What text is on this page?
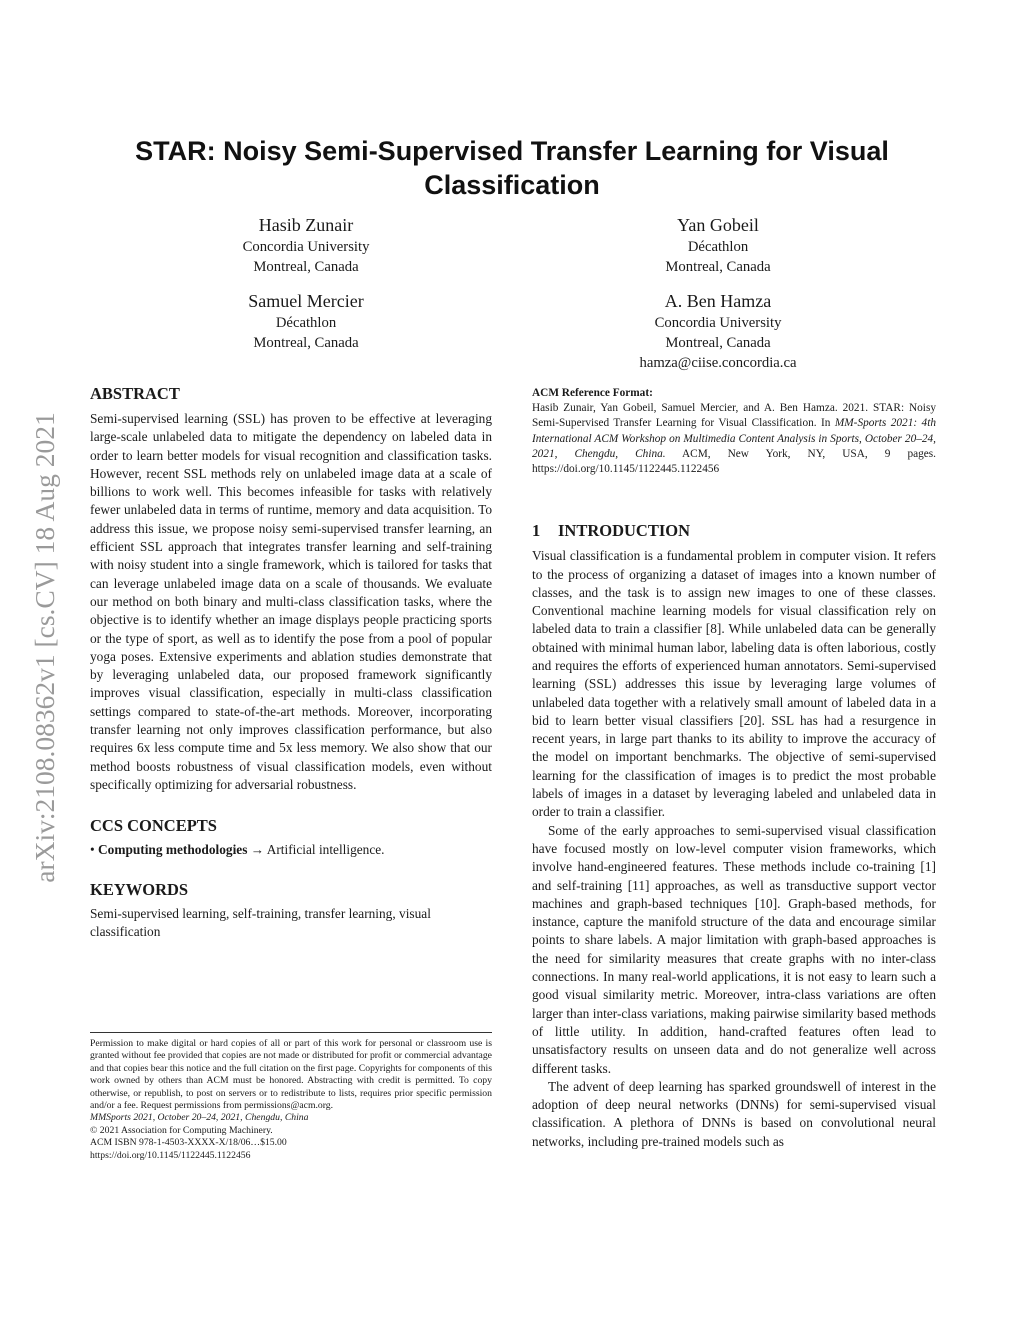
arXiv:2108.08362v1 [cs.CV] 18 Aug 2021
STAR: Noisy Semi-Supervised Transfer Learning for Visual Classification
Hasib Zunair
Concordia University
Montreal, Canada
Yan Gobeil
Décathlon
Montreal, Canada
Samuel Mercier
Décathlon
Montreal, Canada
A. Ben Hamza
Concordia University
Montreal, Canada
hamza@ciise.concordia.ca
ABSTRACT

Semi-supervised learning (SSL) has proven to be effective at leveraging large-scale unlabeled data to mitigate the dependency on labeled data in order to learn better models for visual recognition and classification tasks. However, recent SSL methods rely on unlabeled image data at a scale of billions to work well. This becomes infeasible for tasks with relatively fewer unlabeled data in terms of runtime, memory and data acquisition. To address this issue, we propose noisy semi-supervised transfer learning, an efficient SSL approach that integrates transfer learning and self-training with noisy student into a single framework, which is tailored for tasks that can leverage unlabeled image data on a scale of thousands. We evaluate our method on both binary and multi-class classification tasks, where the objective is to identify whether an image displays people practicing sports or the type of sport, as well as to identify the pose from a pool of popular yoga poses. Extensive experiments and ablation studies demonstrate that by leveraging unlabeled data, our proposed framework significantly improves visual classification, especially in multi-class classification settings compared to state-of-the-art methods. Moreover, incorporating transfer learning not only improves classification performance, but also requires 6x less compute time and 5x less memory. We also show that our method boosts robustness of visual classification models, even without specifically optimizing for adversarial robustness.

CCS CONCEPTS

• Computing methodologies → Artificial intelligence.

KEYWORDS

Semi-supervised learning, self-training, transfer learning, visual classification

Permission to make digital or hard copies of all or part of this work for personal or classroom use is granted without fee provided that copies are not made or distributed for profit or commercial advantage and that copies bear this notice and the full citation on the first page. Copyrights for components of this work owned by others than ACM must be honored. Abstracting with credit is permitted. To copy otherwise, or republish, to post on servers or to redistribute to lists, requires prior specific permission and/or a fee. Request permissions from permissions@acm.org.

MMSports 2021, October 20–24, 2021, Chengdu, China

© 2021 Association for Computing Machinery.

ACM ISBN 978-1-4503-XXXX-X/18/06…$15.00

https://doi.org/10.1145/1122445.1122456

ACM Reference Format:

Hasib Zunair, Yan Gobeil, Samuel Mercier, and A. Ben Hamza. 2021. STAR: Noisy Semi-Supervised Transfer Learning for Visual Classification. In MM-Sports 2021: 4th International ACM Workshop on Multimedia Content Analysis in Sports, October 20–24, 2021, Chengdu, China. ACM, New York, NY, USA, 9 pages. https://doi.org/10.1145/1122445.1122456

1 INTRODUCTION

Visual classification is a fundamental problem in computer vision. It refers to the process of organizing a dataset of images into a known number of classes, and the task is to assign new images to one of these classes. Conventional machine learning models for visual classification rely on labeled data to train a classifier [8]. While unlabeled data can be generally obtained with minimal human labor, labeling data is often laborious, costly and requires the efforts of experienced human annotators. Semi-supervised learning (SSL) addresses this issue by leveraging large volumes of unlabeled data together with a relatively small amount of labeled data in a bid to learn better visual classifiers [20]. SSL has had a resurgence in recent years, in large part thanks to its ability to improve the accuracy of the model on important benchmarks. The objective of semi-supervised learning for the classification of images is to predict the most probable labels of images in a dataset by leveraging labeled and unlabeled data in order to train a classifier.

Some of the early approaches to semi-supervised visual classification have focused mostly on low-level computer vision frameworks, which involve hand-engineered features. These methods include co-training [1] and self-training [11] approaches, as well as transductive support vector machines and graph-based techniques [10]. Graph-based methods, for instance, capture the manifold structure of the data and encourage similar points to share labels. A major limitation with graph-based approaches is the need for similarity measures that create graphs with no inter-class connections. In many real-world applications, it is not easy to learn such a good visual similarity metric. Moreover, intra-class variations are often larger than inter-class variations, making pairwise similarity based methods of little utility. In addition, hand-crafted features often lead to unsatisfactory results on unseen data and do not generalize well across different tasks.

The advent of deep learning has sparked groundswell of interest in the adoption of deep neural networks (DNNs) for semi-supervised visual classification. A plethora of DNNs is based on convolutional neural networks, including pre-trained models such as
